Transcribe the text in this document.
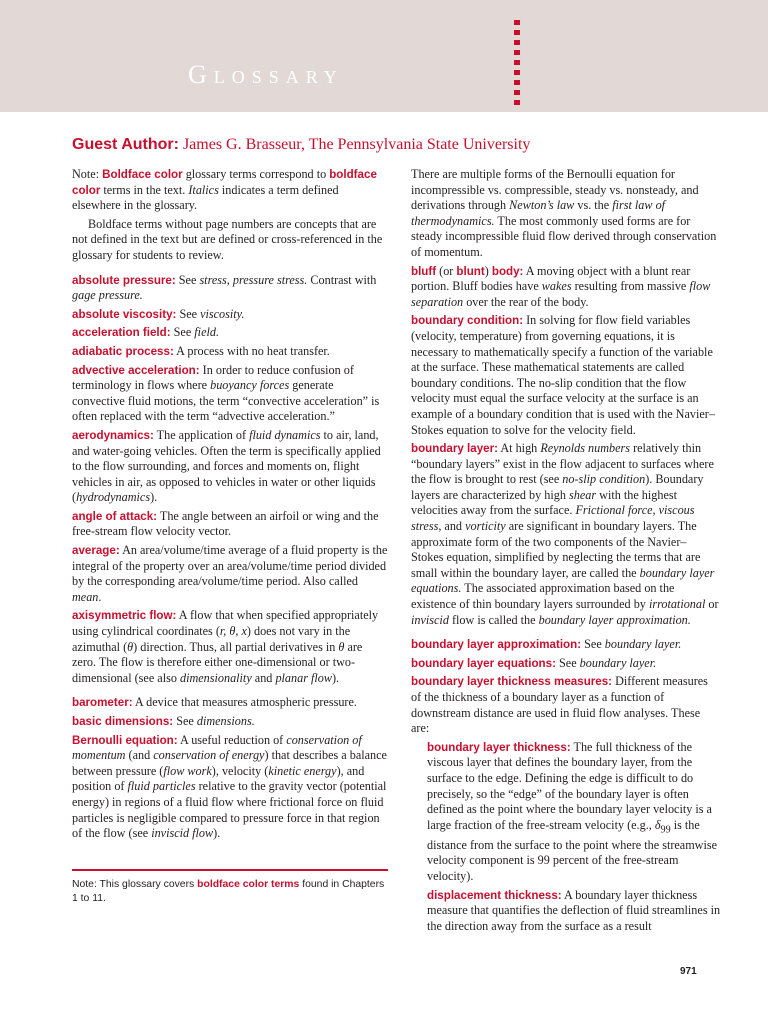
Glossary
Guest Author: James G. Brasseur, The Pennsylvania State University

Note: Boldface color glossary terms correspond to boldface color terms in the text. Italics indicates a term defined elsewhere in the glossary.

Boldface terms without page numbers are concepts that are not defined in the text but are defined or cross-referenced in the glossary for students to review.

absolute pressure: See stress, pressure stress. Contrast with gage pressure.

absolute viscosity: See viscosity.

acceleration field: See field.

adiabatic process: A process with no heat transfer.

advective acceleration: In order to reduce confusion of terminology in flows where buoyancy forces generate convective fluid motions, the term “convective acceleration” is often replaced with the term “advective acceleration.”

aerodynamics: The application of fluid dynamics to air, land, and water-going vehicles. Often the term is specifically applied to the flow surrounding, and forces and moments on, flight vehicles in air, as opposed to vehicles in water or other liquids (hydrodynamics).

angle of attack: The angle between an airfoil or wing and the free-stream flow velocity vector.

average: An area/volume/time average of a fluid property is the integral of the property over an area/volume/time period divided by the corresponding area/volume/time period. Also called mean.

axisymmetric flow: A flow that when specified appropriately using cylindrical coordinates (r, θ, x) does not vary in the azimuthal (θ) direction. Thus, all partial derivatives in θ are zero. The flow is therefore either one-dimensional or two-dimensional (see also dimensionality and planar flow).

barometer: A device that measures atmospheric pressure.

basic dimensions: See dimensions.

Bernoulli equation: A useful reduction of conservation of momentum (and conservation of energy) that describes a balance between pressure (flow work), velocity (kinetic energy), and position of fluid particles relative to the gravity vector (potential energy) in regions of a fluid flow where frictional force on fluid particles is negligible compared to pressure force in that region of the flow (see inviscid flow).

Note: This glossary covers boldface color terms found in Chapters 1 to 11.

There are multiple forms of the Bernoulli equation for incompressible vs. compressible, steady vs. nonsteady, and derivations through Newton’s law vs. the first law of thermodynamics. The most commonly used forms are for steady incompressible fluid flow derived through conservation of momentum.

bluff (or blunt) body: A moving object with a blunt rear portion. Bluff bodies have wakes resulting from massive flow separation over the rear of the body.

boundary condition: In solving for flow field variables (velocity, temperature) from governing equations, it is necessary to mathematically specify a function of the variable at the surface. These mathematical statements are called boundary conditions. The no-slip condition that the flow velocity must equal the surface velocity at the surface is an example of a boundary condition that is used with the Navier–Stokes equation to solve for the velocity field.

boundary layer: At high Reynolds numbers relatively thin “boundary layers” exist in the flow adjacent to surfaces where the flow is brought to rest (see no-slip condition). Boundary layers are characterized by high shear with the highest velocities away from the surface. Frictional force, viscous stress, and vorticity are significant in boundary layers. The approximate form of the two components of the Navier– Stokes equation, simplified by neglecting the terms that are small within the boundary layer, are called the boundary layer equations. The associated approximation based on the existence of thin boundary layers surrounded by irrotational or inviscid flow is called the boundary layer approximation.

boundary layer approximation: See boundary layer.

boundary layer equations: See boundary layer.

boundary layer thickness measures: Different measures of the thickness of a boundary layer as a function of downstream distance are used in fluid flow analyses. These are:

boundary layer thickness: The full thickness of the viscous layer that defines the boundary layer, from the surface to the edge. Defining the edge is difficult to do precisely, so the “edge” of the boundary layer is often defined as the point where the boundary layer velocity is a large fraction of the free-stream velocity (e.g., $\delta_{99}$ is the distance from the surface to the point where the streamwise velocity component is 99 percent of the free-stream velocity).

displacement thickness: A boundary layer thickness measure that quantifies the deflection of fluid streamlines in the direction away from the surface as a result

971
